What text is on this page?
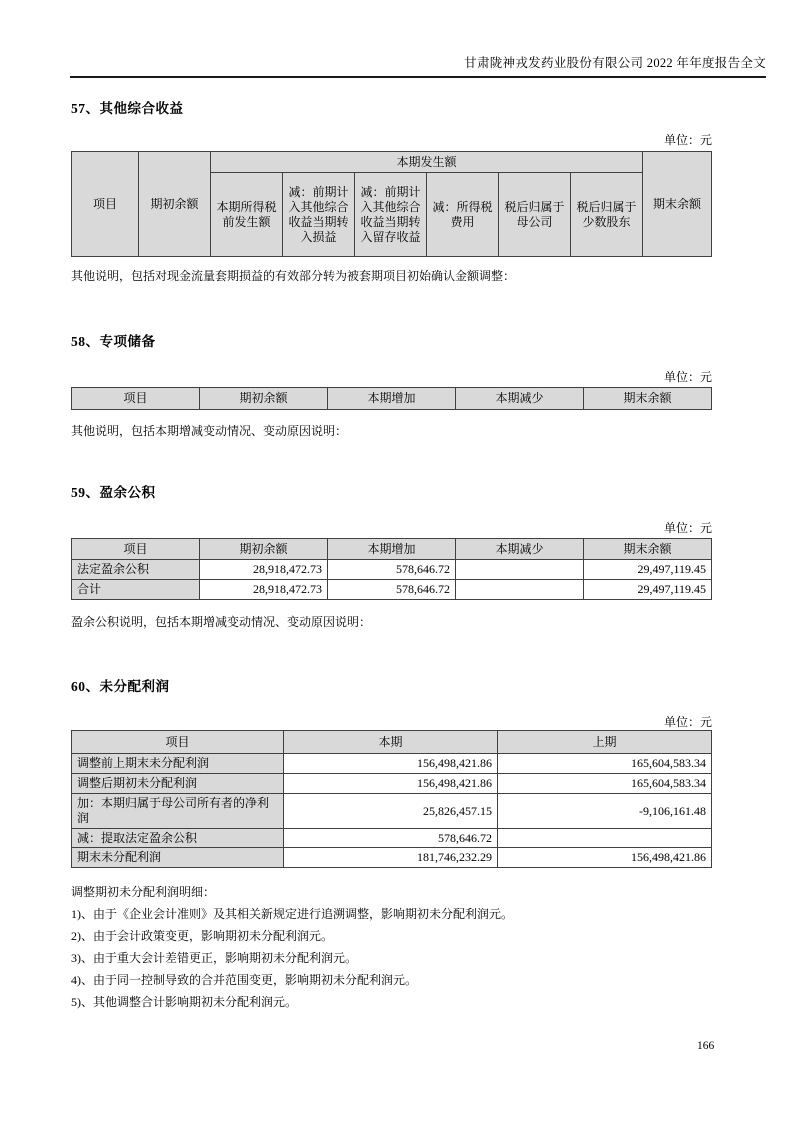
甘肃陇神戎发药业股份有限公司 2022 年年度报告全文
57、其他综合收益
单位：元
项目	期初余额	本期发生额						期末余额
		本期所得税前发生额	减：前期计入其他综合收益当期转入损益	减：前期计入其他综合收益当期转入留存收益	减：所得税费用	税后归属于母公司	税后归属于少数股东	
其他说明，包括对现金流量套期损益的有效部分转为被套期项目初始确认金额调整：
58、专项储备
单位：元
项目	期初余额	本期增加	本期减少	期末余额
其他说明，包括本期增减变动情况、变动原因说明：
59、盈余公积
单位：元
项目	期初余额	本期增加	本期减少	期末余额
法定盈余公积	28,918,472.73	578,646.72		29,497,119.45
合计	28,918,472.73	578,646.72		29,497,119.45
盈余公积说明，包括本期增减变动情况、变动原因说明：
60、未分配利润
单位：元
项目	本期	上期
调整前上期末未分配利润	156,498,421.86	165,604,583.34
调整后期初未分配利润	156,498,421.86	165,604,583.34
加：本期归属于母公司所有者的净利润	25,826,457.15	-9,106,161.48
减：提取法定盈余公积	578,646.72	
期末未分配利润	181,746,232.29	156,498,421.86
调整期初未分配利润明细：
1)、由于《企业会计准则》及其相关新规定进行追溯调整，影响期初未分配利润元。
2)、由于会计政策变更，影响期初未分配利润元。
3)、由于重大会计差错更正，影响期初未分配利润元。
4)、由于同一控制导致的合并范围变更，影响期初未分配利润元。
5)、其他调整合计影响期初未分配利润元。
166
